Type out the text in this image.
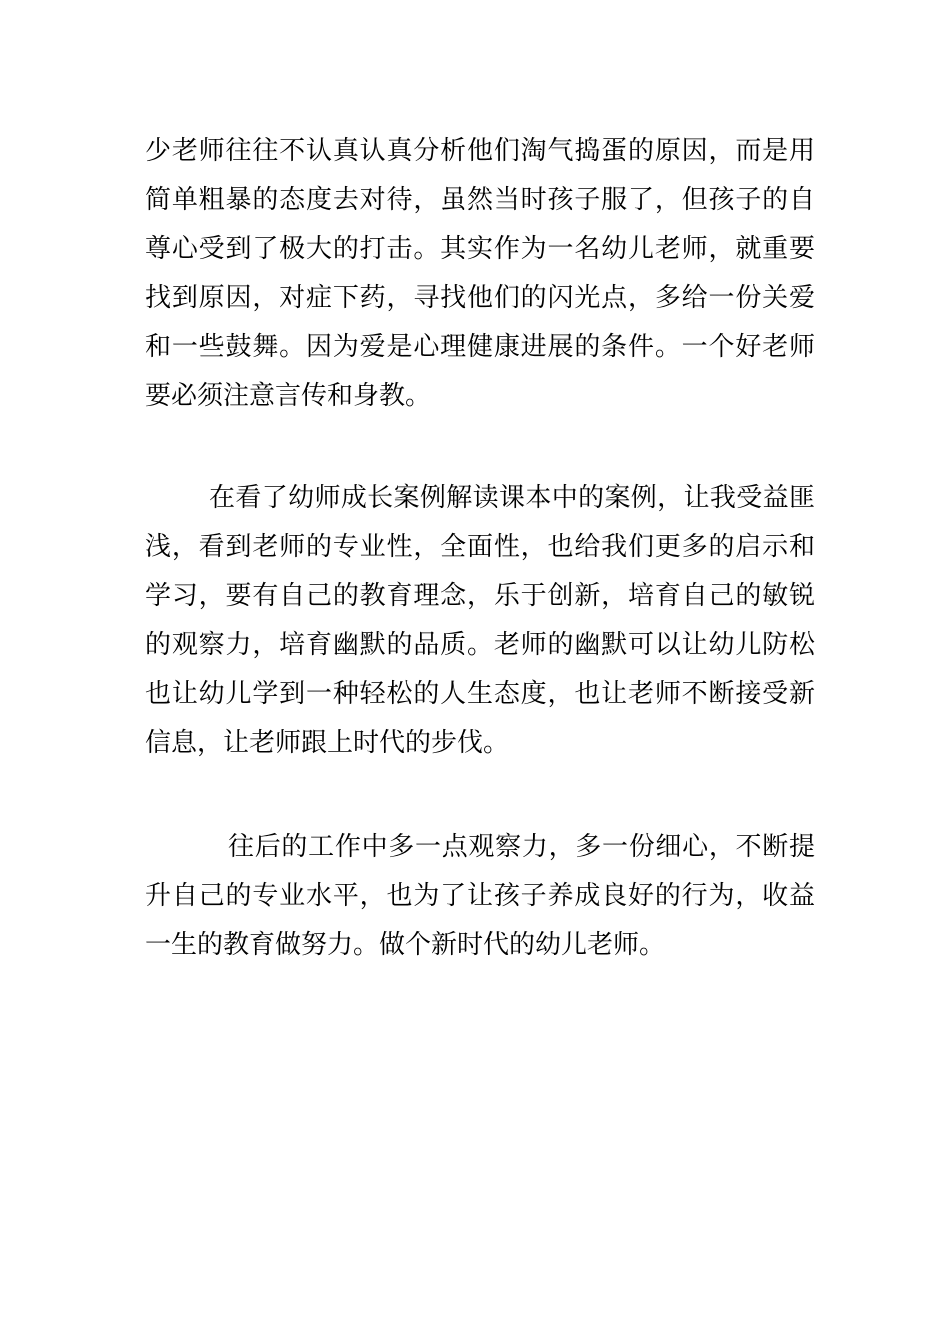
少老师往往不认真认真分析他们淘气捣蛋的原因，而是用
简单粗暴的态度去对待，虽然当时孩子服了，但孩子的自
尊心受到了极大的打击。其实作为一名幼儿老师，就重要
找到原因，对症下药，寻找他们的闪光点，多给一份关爱
和一些鼓舞。因为爱是心理健康进展的条件。一个好老师
要必须注意言传和身教。
在看了幼师成长案例解读课本中的案例，让我受益匪
浅，看到老师的专业性，全面性，也给我们更多的启示和
学习，要有自己的教育理念，乐于创新，培育自己的敏锐
的观察力，培育幽默的品质。老师的幽默可以让幼儿防松
也让幼儿学到一种轻松的人生态度，也让老师不断接受新
信息，让老师跟上时代的步伐。
往后的工作中多一点观察力，多一份细心，不断提
升自己的专业水平，也为了让孩子养成良好的行为，收益
一生的教育做努力。做个新时代的幼儿老师。
